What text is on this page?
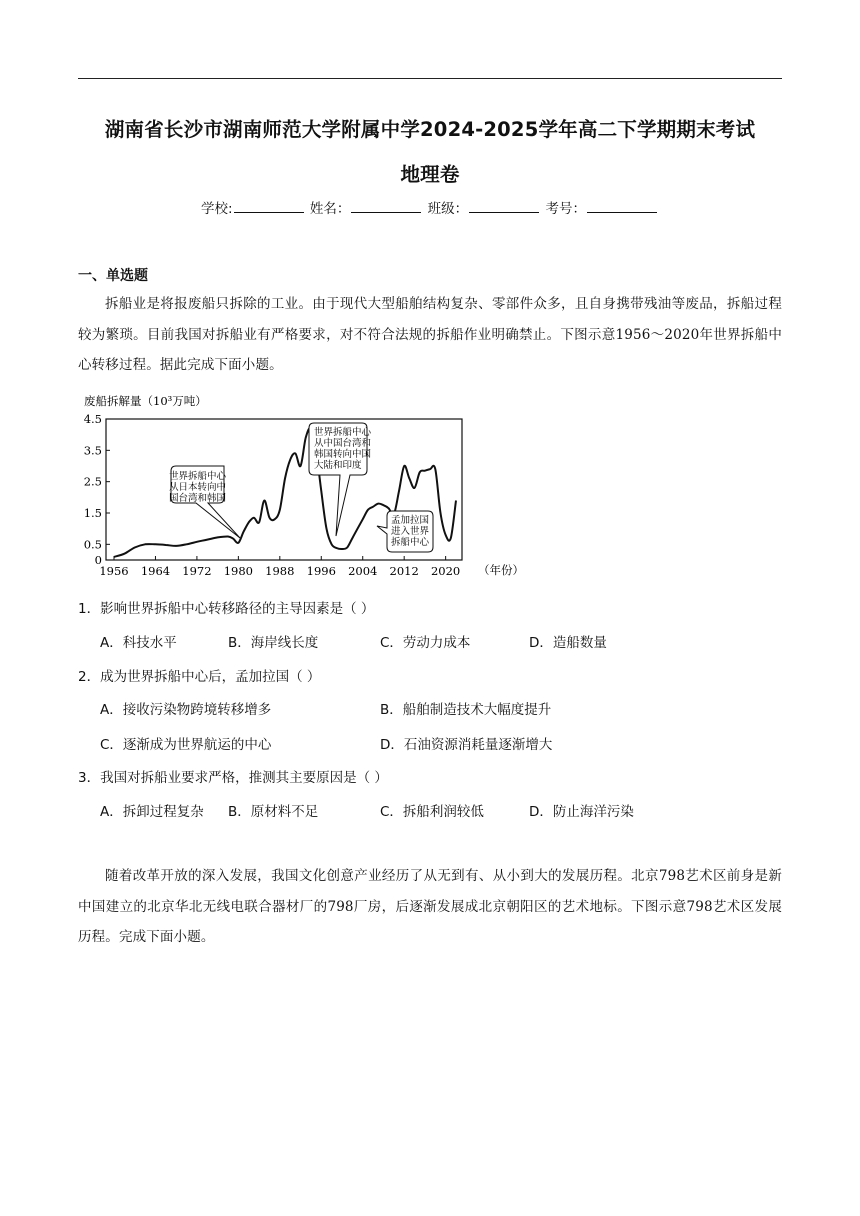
湖南省长沙市湖南师范大学附属中学2024-2025学年高二下学期期末考试
地理卷
学校:	姓名：	班级：	考号：
一、单选题
拆船业是将报废船只拆除的工业。由于现代大型船舶结构复杂、零部件众多，且自身携带残油等废品，拆船过程较为繁琐。目前我国对拆船业有严格要求，对不符合法规的拆船作业明确禁止。下图示意1956～2020年世界拆船中心转移过程。据此完成下面小题。
废船拆解量（10³万吨）
0
0.5
1.5
2.5
3.5
4.5
1956 1964 1972 1980 1988 1996 2004 2012 2020 （年份）
世界拆船中心
从日本转向中
国台湾和韩国
世界拆船中心
从中国台湾和
韩国转向中国
大陆和印度
孟加拉国
进入世界
拆船中心
1．影响世界拆船中心转移路径的主导因素是（ ）
A．科技水平	B．海岸线长度	C．劳动力成本	D．造船数量
2．成为世界拆船中心后，孟加拉国（ ）
A．接收污染物跨境转移增多	B．船舶制造技术大幅度提升
C．逐渐成为世界航运的中心	D．石油资源消耗量逐渐增大
3．我国对拆船业要求严格，推测其主要原因是（ ）
A．拆卸过程复杂 B．原材料不足	C．拆船利润较低	D．防止海洋污染
随着改革开放的深入发展，我国文化创意产业经历了从无到有、从小到大的发展历程。北京798艺术区前身是新中国建立的北京华北无线电联合器材厂的798厂房，后逐渐发展成北京朝阳区的艺术地标。下图示意798艺术区发展历程。完成下面小题。
